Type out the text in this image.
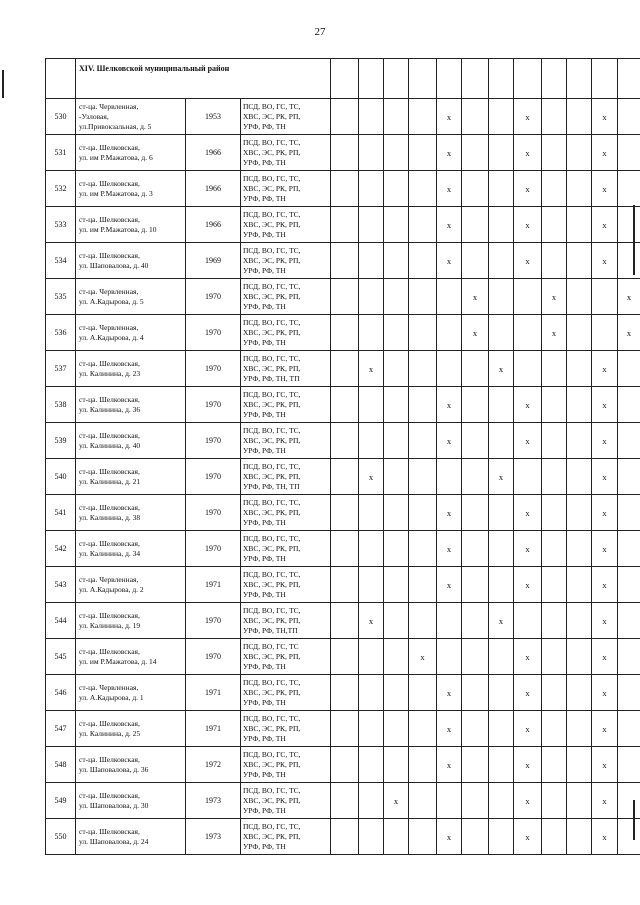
27
	XIV. Шелковской муниципальный район														
530	ст-ца. Червленная,
-Узловая,
ул.Привокзальная, д. 5	1953	ПСД, ВО, ГС, ТС,
ХВС, ЭС, РК, РП,
УРФ, РФ, ТН					x			x			x	
531	ст-ца. Шелковская,
ул. им Р.Мажатова, д. 6	1966	ПСД, ВО, ГС, ТС,
ХВС, ЭС, РК, РП,
УРФ, РФ, ТН					x			x			x	
532	ст-ца. Шелковская,
ул. им Р.Мажатова, д. 3	1966	ПСД, ВО, ГС, ТС,
ХВС, ЭС, РК, РП,
УРФ, РФ, ТН					x			x			x	
533	ст-ца. Шелковская,
ул. им Р.Мажатова, д. 10	1966	ПСД, ВО, ГС, ТС,
ХВС, ЭС, РК, РП,
УРФ, РФ, ТН					x			x			x	
534	ст-ца. Шелковская,
ул. Шаповалова, д. 40	1969	ПСД, ВО, ГС, ТС,
ХВС, ЭС, РК, РП,
УРФ, РФ, ТН					x			x			x	
535	ст-ца. Червленная,
ул. А.Кадырова, д. 5	1970	ПСД, ВО, ГС, ТС,
ХВС, ЭС, РК, РП,
УРФ, РФ, ТН						x			x			x
536	ст-ца. Червленная,
ул. А.Кадырова, д. 4	1970	ПСД, ВО, ГС, ТС,
ХВС, ЭС, РК, РП,
УРФ, РФ, ТН						x			x			x
537	ст-ца. Шелковская,
ул. Калинина, д. 23	1970	ПСД, ВО, ГС, ТС,
ХВС, ЭС, РК, РП,
УРФ, РФ, ТН, ТП		x					x				x	
538	ст-ца. Шелковская,
ул. Калинина, д. 36	1970	ПСД, ВО, ГС, ТС,
ХВС, ЭС, РК, РП,
УРФ, РФ, ТН					x			x			x	
539	ст-ца. Шелковская,
ул. Калинина, д. 40	1970	ПСД, ВО, ГС, ТС,
ХВС, ЭС, РК, РП,
УРФ, РФ, ТН					x			x			x	
540	ст-ца. Шелковская,
ул. Калинина, д. 21	1970	ПСД, ВО, ГС, ТС,
ХВС, ЭС, РК, РП,
УРФ, РФ, ТН, ТП		x					x				x	
541	ст-ца. Шелковская,
ул. Калинина, д. 38	1970	ПСД, ВО, ГС, ТС,
ХВС, ЭС, РК, РП,
УРФ, РФ, ТН					x			x			x	
542	ст-ца. Шелковская,
ул. Калинина, д. 34	1970	ПСД, ВО, ГС, ТС,
ХВС, ЭС, РК, РП,
УРФ, РФ, ТН					x			x			x	
543	ст-ца. Червленная,
ул. А.Кадырова, д. 2	1971	ПСД, ВО, ГС, ТС,
ХВС, ЭС, РК, РП,
УРФ, РФ, ТН					x			x			x	
544	ст-ца. Шелковская,
ул. Калинина, д. 19	1970	ПСД, ВО, ГС, ТС,
ХВС, ЭС, РК, РП,
УРФ, РФ, ТН,ТП		x					x				x	
545	ст-ца. Шелковская,
ул. им Р.Мажатова, д. 14	1970	ПСД, ВО, ГС, ТС
ХВС, ЭС, РК, РП,
УРФ, РФ, ТН				x				x			x	
546	ст-ца. Червленная,
ул. А.Кадырова, д. 1	1971	ПСД, ВО, ГС, ТС,
ХВС, ЭС, РК, РП,
УРФ, РФ, ТН					x			x			x	
547	ст-ца. Шелковская,
ул. Калинина, д. 25	1971	ПСД, ВО, ГС, ТС,
ХВС, ЭС, РК, РП,
УРФ, РФ, ТН					x			x			x	
548	ст-ца. Шелковская,
ул. Шаповалова, д. 36	1972	ПСД, ВО, ГС, ТС,
ХВС, ЭС, РК, РП,
УРФ, РФ, ТН					x			x			x	
549	ст-ца. Шелковская,
ул. Шаповалова, д. 30	1973	ПСД, ВО, ГС, ТС,
ХВС, ЭС, РК, РП,
УРФ, РФ, ТН			x					x			x	
550	ст-ца. Шелковская,
ул. Шаповалова, д. 24	1973	ПСД, ВО, ГС, ТС,
ХВС, ЭС, РК, РП,
УРФ, РФ, ТН					x			x			x	
